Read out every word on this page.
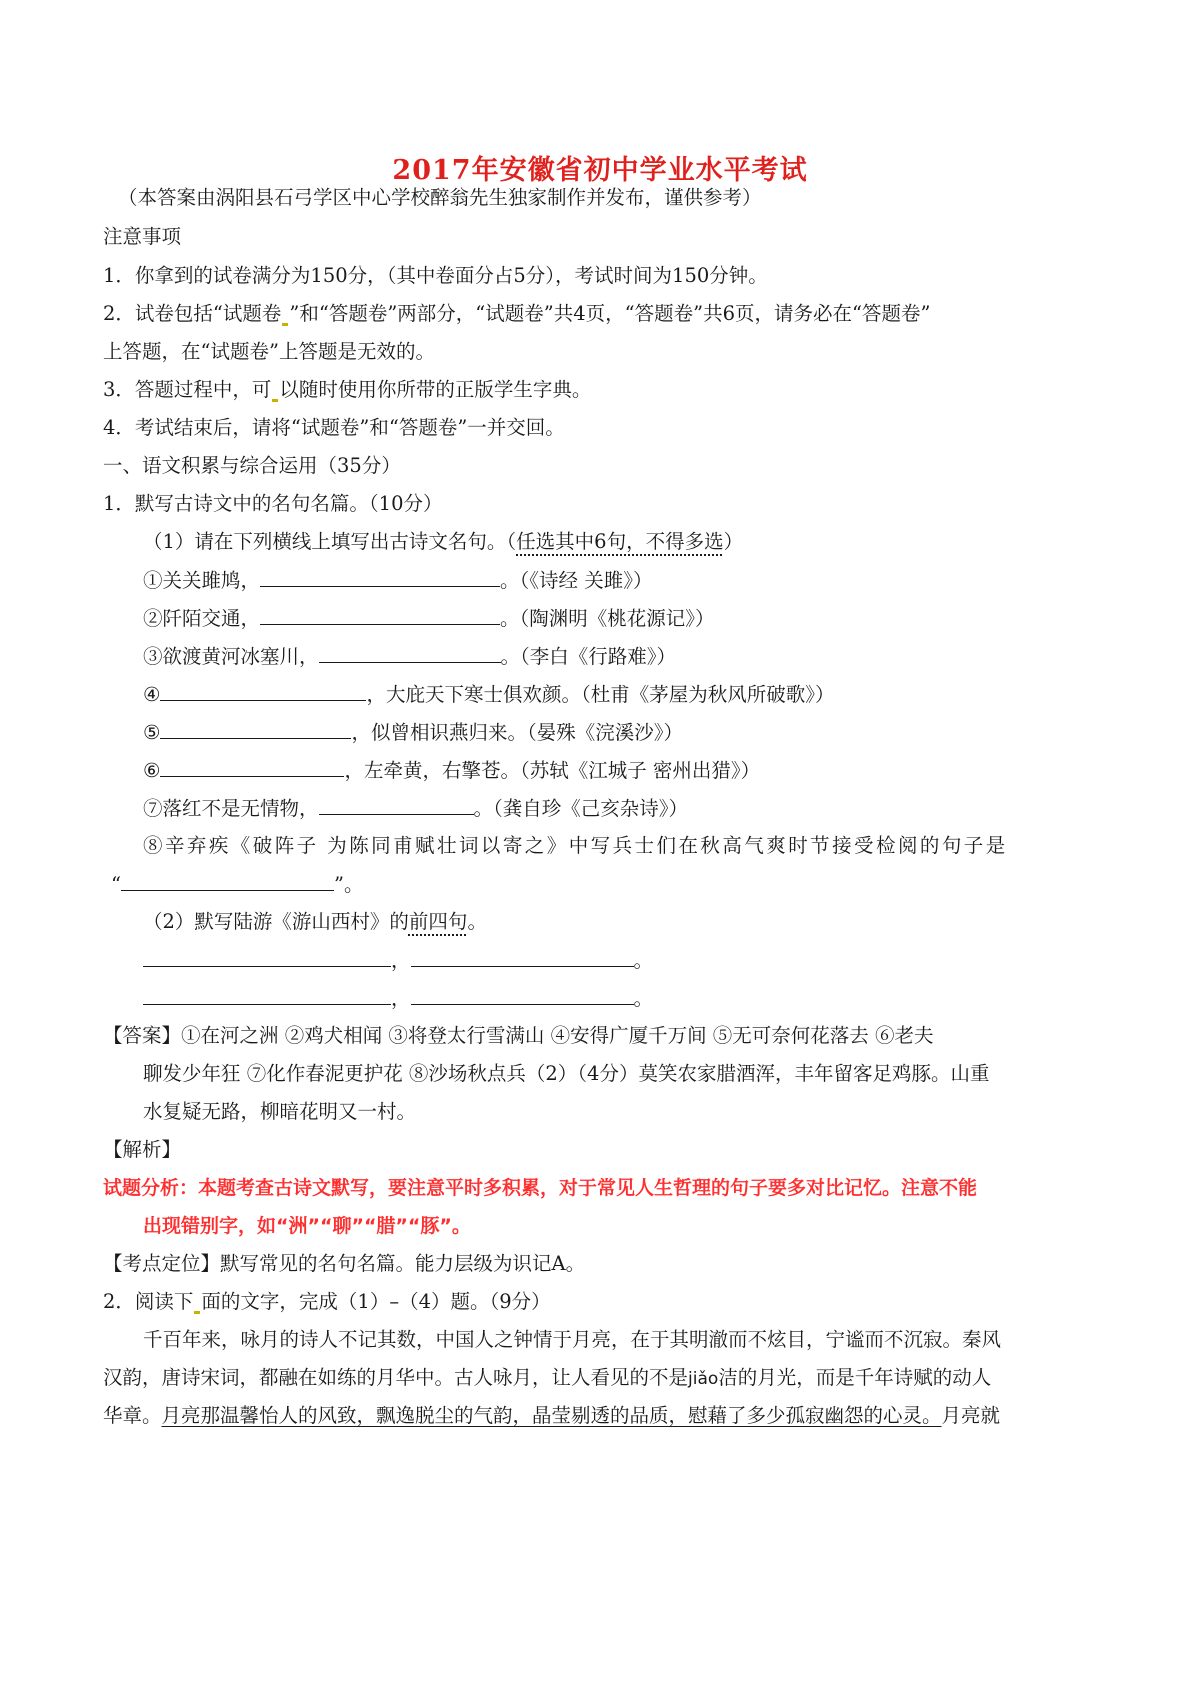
2017年安徽省初中学业水平考试
（本答案由涡阳县石弓学区中心学校醉翁先生独家制作并发布，谨供参考）
注意事项
1．你拿到的试卷满分为150分，（其中卷面分占5分），考试时间为150分钟。
2．试卷包括“试题卷 ”和“答题卷”两部分，“试题卷”共4页，“答题卷”共6页，请务必在“答题卷”
上答题，在“试题卷”上答题是无效的。
3．答题过程中，可 以随时使用你所带的正版学生字典。
4．考试结束后，请将“试题卷”和“答题卷”一并交回。
一、语文积累与综合运用（35分）
1．默写古诗文中的名句名篇。（10分）
（1）请在下列横线上填写出古诗文名句。（任选其中6句，不得多选）
①关关雎鸠，	。（《诗经 关雎》）
②阡陌交通，	。（陶渊明《桃花源记》）
③欲渡黄河冰塞川，	。（李白《行路难》）
④	，大庇天下寒士俱欢颜。（杜甫《茅屋为秋风所破歌》）
⑤	，似曾相识燕归来。（晏殊《浣溪沙》）
⑥	，左牵黄，右擎苍。（苏轼《江城子 密州出猎》）
⑦落红不是无情物，	。（龚自珍《己亥杂诗》）
⑧辛弃疾《破阵子 为陈同甫赋壮词以寄之》中写兵士们在秋高气爽时节接受检阅的句子是
“	”。
（2）默写陆游《游山西村》的前四句。
，	。
，	。
【答案】①在河之洲 ②鸡犬相闻 ③将登太行雪满山 ④安得广厦千万间 ⑤无可奈何花落去 ⑥老夫
聊发少年狂 ⑦化作春泥更护花 ⑧沙场秋点兵（2）（4分）莫笑农家腊酒浑，丰年留客足鸡豚。山重
水复疑无路，柳暗花明又一村。
【解析】
试题分析：本题考查古诗文默写，要注意平时多积累，对于常见人生哲理的句子要多对比记忆。注意不能
出现错别字，如“洲”“聊”“腊”“豚”。
【考点定位】默写常见的名句名篇。能力层级为识记A。
2．阅读下 面的文字，完成（1）–（4）题。（9分）
千百年来，咏月的诗人不记其数，中国人之钟情于月亮，在于其明澈而不炫目，宁谧而不沉寂。秦风
汉韵，唐诗宋词，都融在如练的月华中。古人咏月，让人看见的不是jiǎo洁的月光，而是千年诗赋的动人
华章。月亮那温馨怡人的风致，飘逸脱尘的气韵，晶莹剔透的品质，慰藉了多少孤寂幽怨的心灵。月亮就
